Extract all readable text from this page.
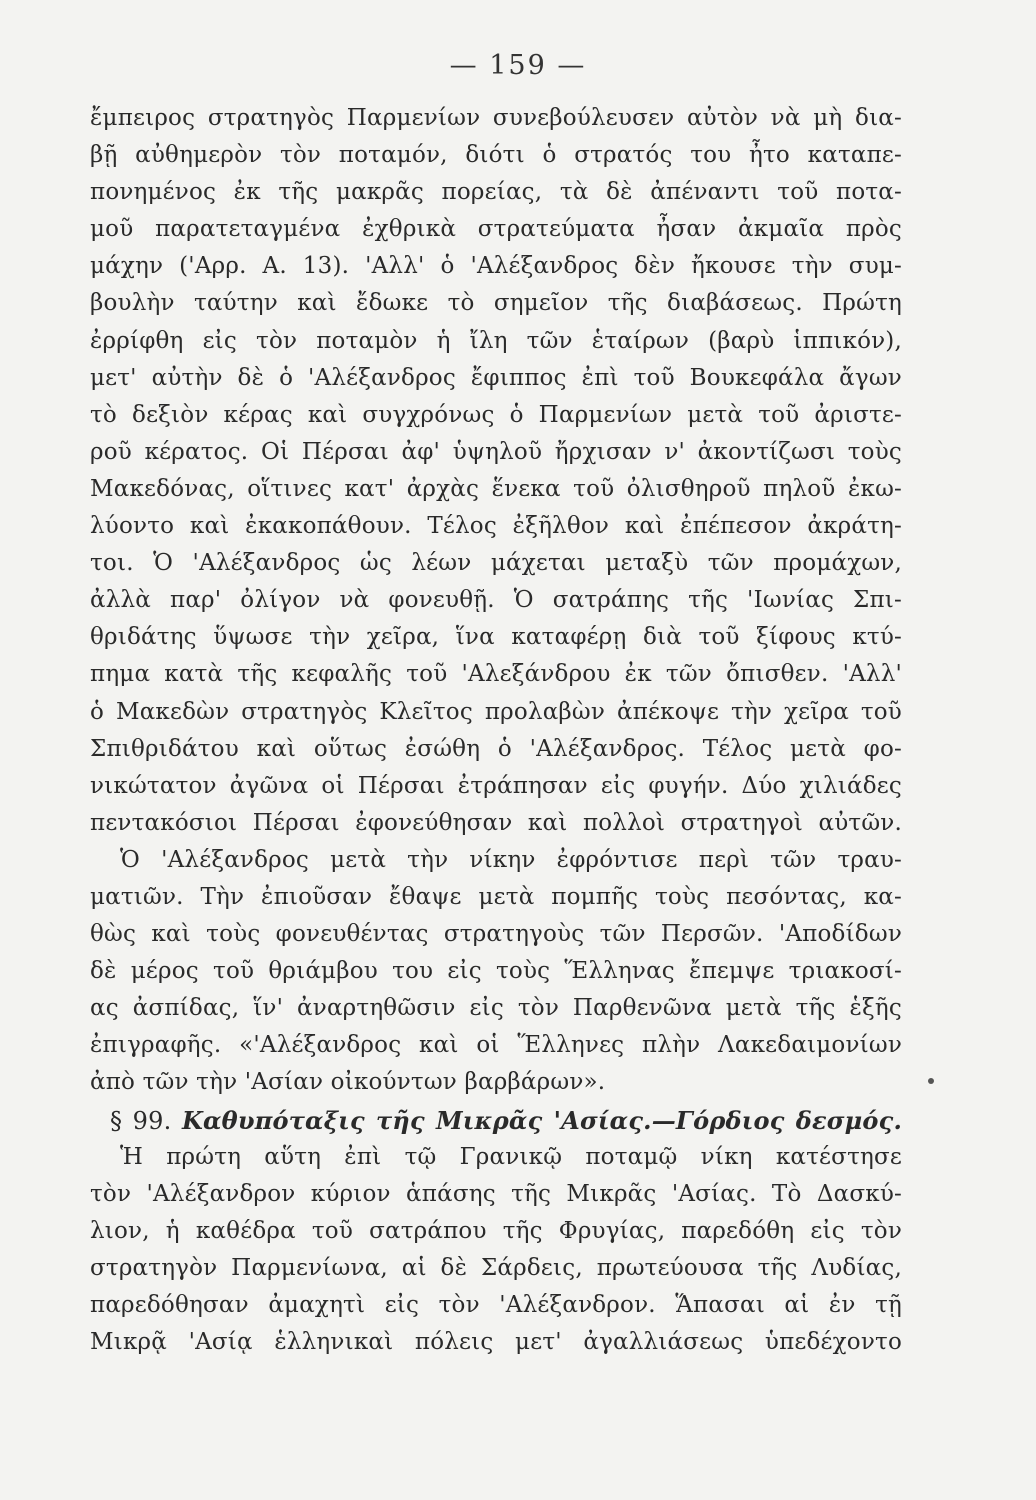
— 159 —
ἔμπειρος στρατηγὸς Παρμενίων συνεβούλευσεν αὐτὸν νὰ μὴ δια-
βῇ αὐθημερὸν τὸν ποταμόν, διότι ὁ στρατός του ἦτο καταπε-
πονημένος ἐκ τῆς μακρᾶς πορείας, τὰ δὲ ἀπέναντι τοῦ ποτα-
μοῦ παρατεταγμένα ἐχθρικὰ στρατεύματα ἦσαν ἀκμαῖα πρὸς
μάχην ('Αρρ. Α. 13). 'Αλλ' ὁ 'Αλέξανδρος δὲν ἤκουσε τὴν συμ-
βουλὴν ταύτην καὶ ἔδωκε τὸ σημεῖον τῆς διαβάσεως. Πρώτη
ἐρρίφθη εἰς τὸν ποταμὸν ἡ ἴλη τῶν ἑταίρων (βαρὺ ἱππικόν),
μετ' αὐτὴν δὲ ὁ 'Αλέξανδρος ἔφιππος ἐπὶ τοῦ Βουκεφάλα ἄγων
τὸ δεξιὸν κέρας καὶ συγχρόνως ὁ Παρμενίων μετὰ τοῦ ἀριστε-
ροῦ κέρατος. Οἱ Πέρσαι ἀφ' ὑψηλοῦ ἤρχισαν ν' ἀκοντίζωσι τοὺς
Μακεδόνας, οἵτινες κατ' ἀρχὰς ἕνεκα τοῦ ὀλισθηροῦ πηλοῦ ἐκω-
λύοντο καὶ ἐκακοπάθουν. Τέλος ἐξῆλθον καὶ ἐπέπεσον ἀκράτη-
τοι. Ὁ 'Αλέξανδρος ὡς λέων μάχεται μεταξὺ τῶν προμάχων,
ἀλλὰ παρ' ὀλίγον νὰ φονευθῇ. Ὁ σατράπης τῆς 'Ιωνίας Σπι-
θριδάτης ὕψωσε τὴν χεῖρα, ἵνα καταφέρῃ διὰ τοῦ ξίφους κτύ-
πημα κατὰ τῆς κεφαλῆς τοῦ 'Αλεξάνδρου ἐκ τῶν ὄπισθεν. 'Αλλ'
ὁ Μακεδὼν στρατηγὸς Κλεῖτος προλαβὼν ἀπέκοψε τὴν χεῖρα τοῦ
Σπιθριδάτου καὶ οὕτως ἐσώθη ὁ 'Αλέξανδρος. Τέλος μετὰ φο-
νικώτατον ἀγῶνα οἱ Πέρσαι ἐτράπησαν εἰς φυγήν. Δύο χιλιάδες
πεντακόσιοι Πέρσαι ἐφονεύθησαν καὶ πολλοὶ στρατηγοὶ αὐτῶν.
Ὁ 'Αλέξανδρος μετὰ τὴν νίκην ἐφρόντισε περὶ τῶν τραυ-
ματιῶν. Τὴν ἐπιοῦσαν ἔθαψε μετὰ πομπῆς τοὺς πεσόντας, κα-
θὼς καὶ τοὺς φονευθέντας στρατηγοὺς τῶν Περσῶν. 'Αποδίδων
δὲ μέρος τοῦ θριάμβου του εἰς τοὺς Ἕλληνας ἔπεμψε τριακοσί-
ας ἀσπίδας, ἵν' ἀναρτηθῶσιν εἰς τὸν Παρθενῶνα μετὰ τῆς ἑξῆς
ἐπιγραφῆς. «'Αλέξανδρος καὶ οἱ Ἕλληνες πλὴν Λακεδαιμονίων
ἀπὸ τῶν τὴν 'Ασίαν οἰκούντων βαρβάρων».
§ 99. Καθυπόταξις τῆς Μικρᾶς 'Ασίας.—Γόρδιος δεσμός.
Ἡ πρώτη αὕτη ἐπὶ τῷ Γρανικῷ ποταμῷ νίκη κατέστησε
τὸν 'Αλέξανδρον κύριον ἁπάσης τῆς Μικρᾶς 'Ασίας. Τὸ Δασκύ-
λιον, ἡ καθέδρα τοῦ σατράπου τῆς Φρυγίας, παρεδόθη εἰς τὸν
στρατηγὸν Παρμενίωνα, αἱ δὲ Σάρδεις, πρωτεύουσα τῆς Λυδίας,
παρεδόθησαν ἀμαχητὶ εἰς τὸν 'Αλέξανδρον. Ἅπασαι αἱ ἐν τῇ
Μικρᾷ 'Ασίᾳ ἑλληνικαὶ πόλεις μετ' ἀγαλλιάσεως ὑπεδέχοντο
